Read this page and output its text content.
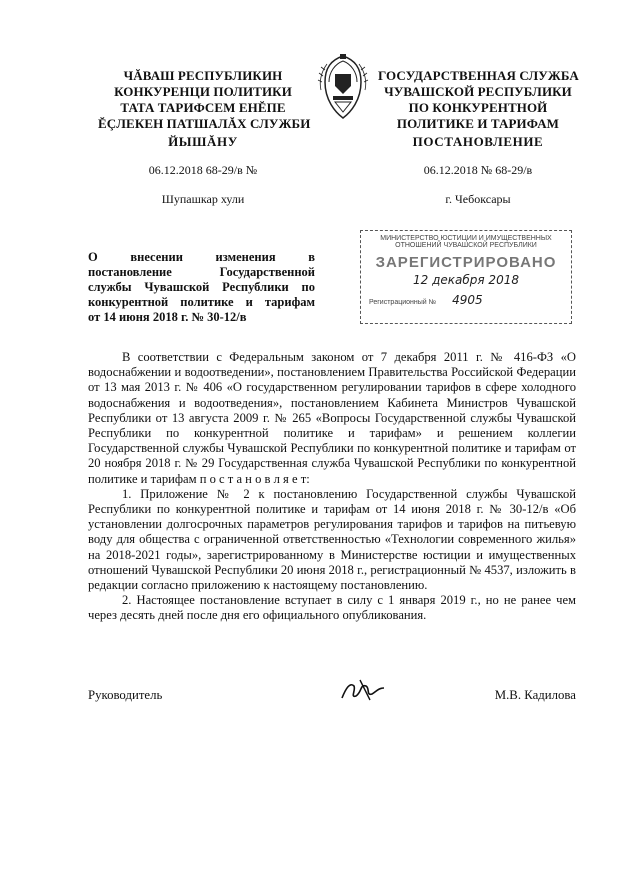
ЧĂВАШ РЕСПУБЛИКИН
КОНКУРЕНЦИ ПОЛИТИКИ
ТАТА ТАРИФСЕМ ЕНĔПЕ
ĔÇЛЕКЕН ПАТШАЛĂХ СЛУЖБИ
ГОСУДАРСТВЕННАЯ СЛУЖБА
ЧУВАШСКОЙ РЕСПУБЛИКИ
ПО КОНКУРЕНТНОЙ
ПОЛИТИКЕ И ТАРИФАМ
ЙЫШĂНУ	ПОСТАНОВЛЕНИЕ
06.12.2018 68-29/в №	06.12.2018 № 68-29/в
Шупашкар хули	г. Чебоксары
МИНИСТЕРСТВО ЮСТИЦИИ И ИМУЩЕСТВЕННЫХ
ОТНОШЕНИЙ ЧУВАШСКОЙ РЕСПУБЛИКИ
ЗАРЕГИСТРИРОВАНО
12 декабря 2018
Регистрационный № 4905
О внесении изменения в
постановление Государственной
службы Чувашской Республики по
конкурентной политике и тарифам
от 14 июня 2018 г. № 30-12/в

В соответствии с Федеральным законом от 7 декабря 2011 г. № 416-ФЗ «О водоснабжении и водоотведении», постановлением Правительства Российской Федерации от 13 мая 2013 г. № 406 «О государственном регулировании тарифов в сфере холодного водоснабжения и водоотведения», постановлением Кабинета Министров Чувашской Республики от 13 августа 2009 г. № 265 «Вопросы Государственной службы Чувашской Республики по конкурентной политике и тарифам» и решением коллегии Государственной службы Чувашской Республики по конкурентной политике и тарифам от 20 ноября 2018 г. № 29 Государственная служба Чувашской Республики по конкурентной политике и тарифам п о с т а н о в л я е т:

1. Приложение № 2 к постановлению Государственной службы Чувашской Республики по конкурентной политике и тарифам от 14 июня 2018 г. № 30-12/в «Об установлении долгосрочных параметров регулирования тарифов и тарифов на питьевую воду для общества с ограниченной ответственностью «Технологии современного жилья» на 2018-2021 годы», зарегистрированному в Министерстве юстиции и имущественных отношений Чувашской Республики 20 июня 2018 г., регистрационный № 4537, изложить в редакции согласно приложению к настоящему постановлению.

2. Настоящее постановление вступает в силу с 1 января 2019 г., но не ранее чем через десять дней после дня его официального опубликования.

Руководитель	М.В. Кадилова
